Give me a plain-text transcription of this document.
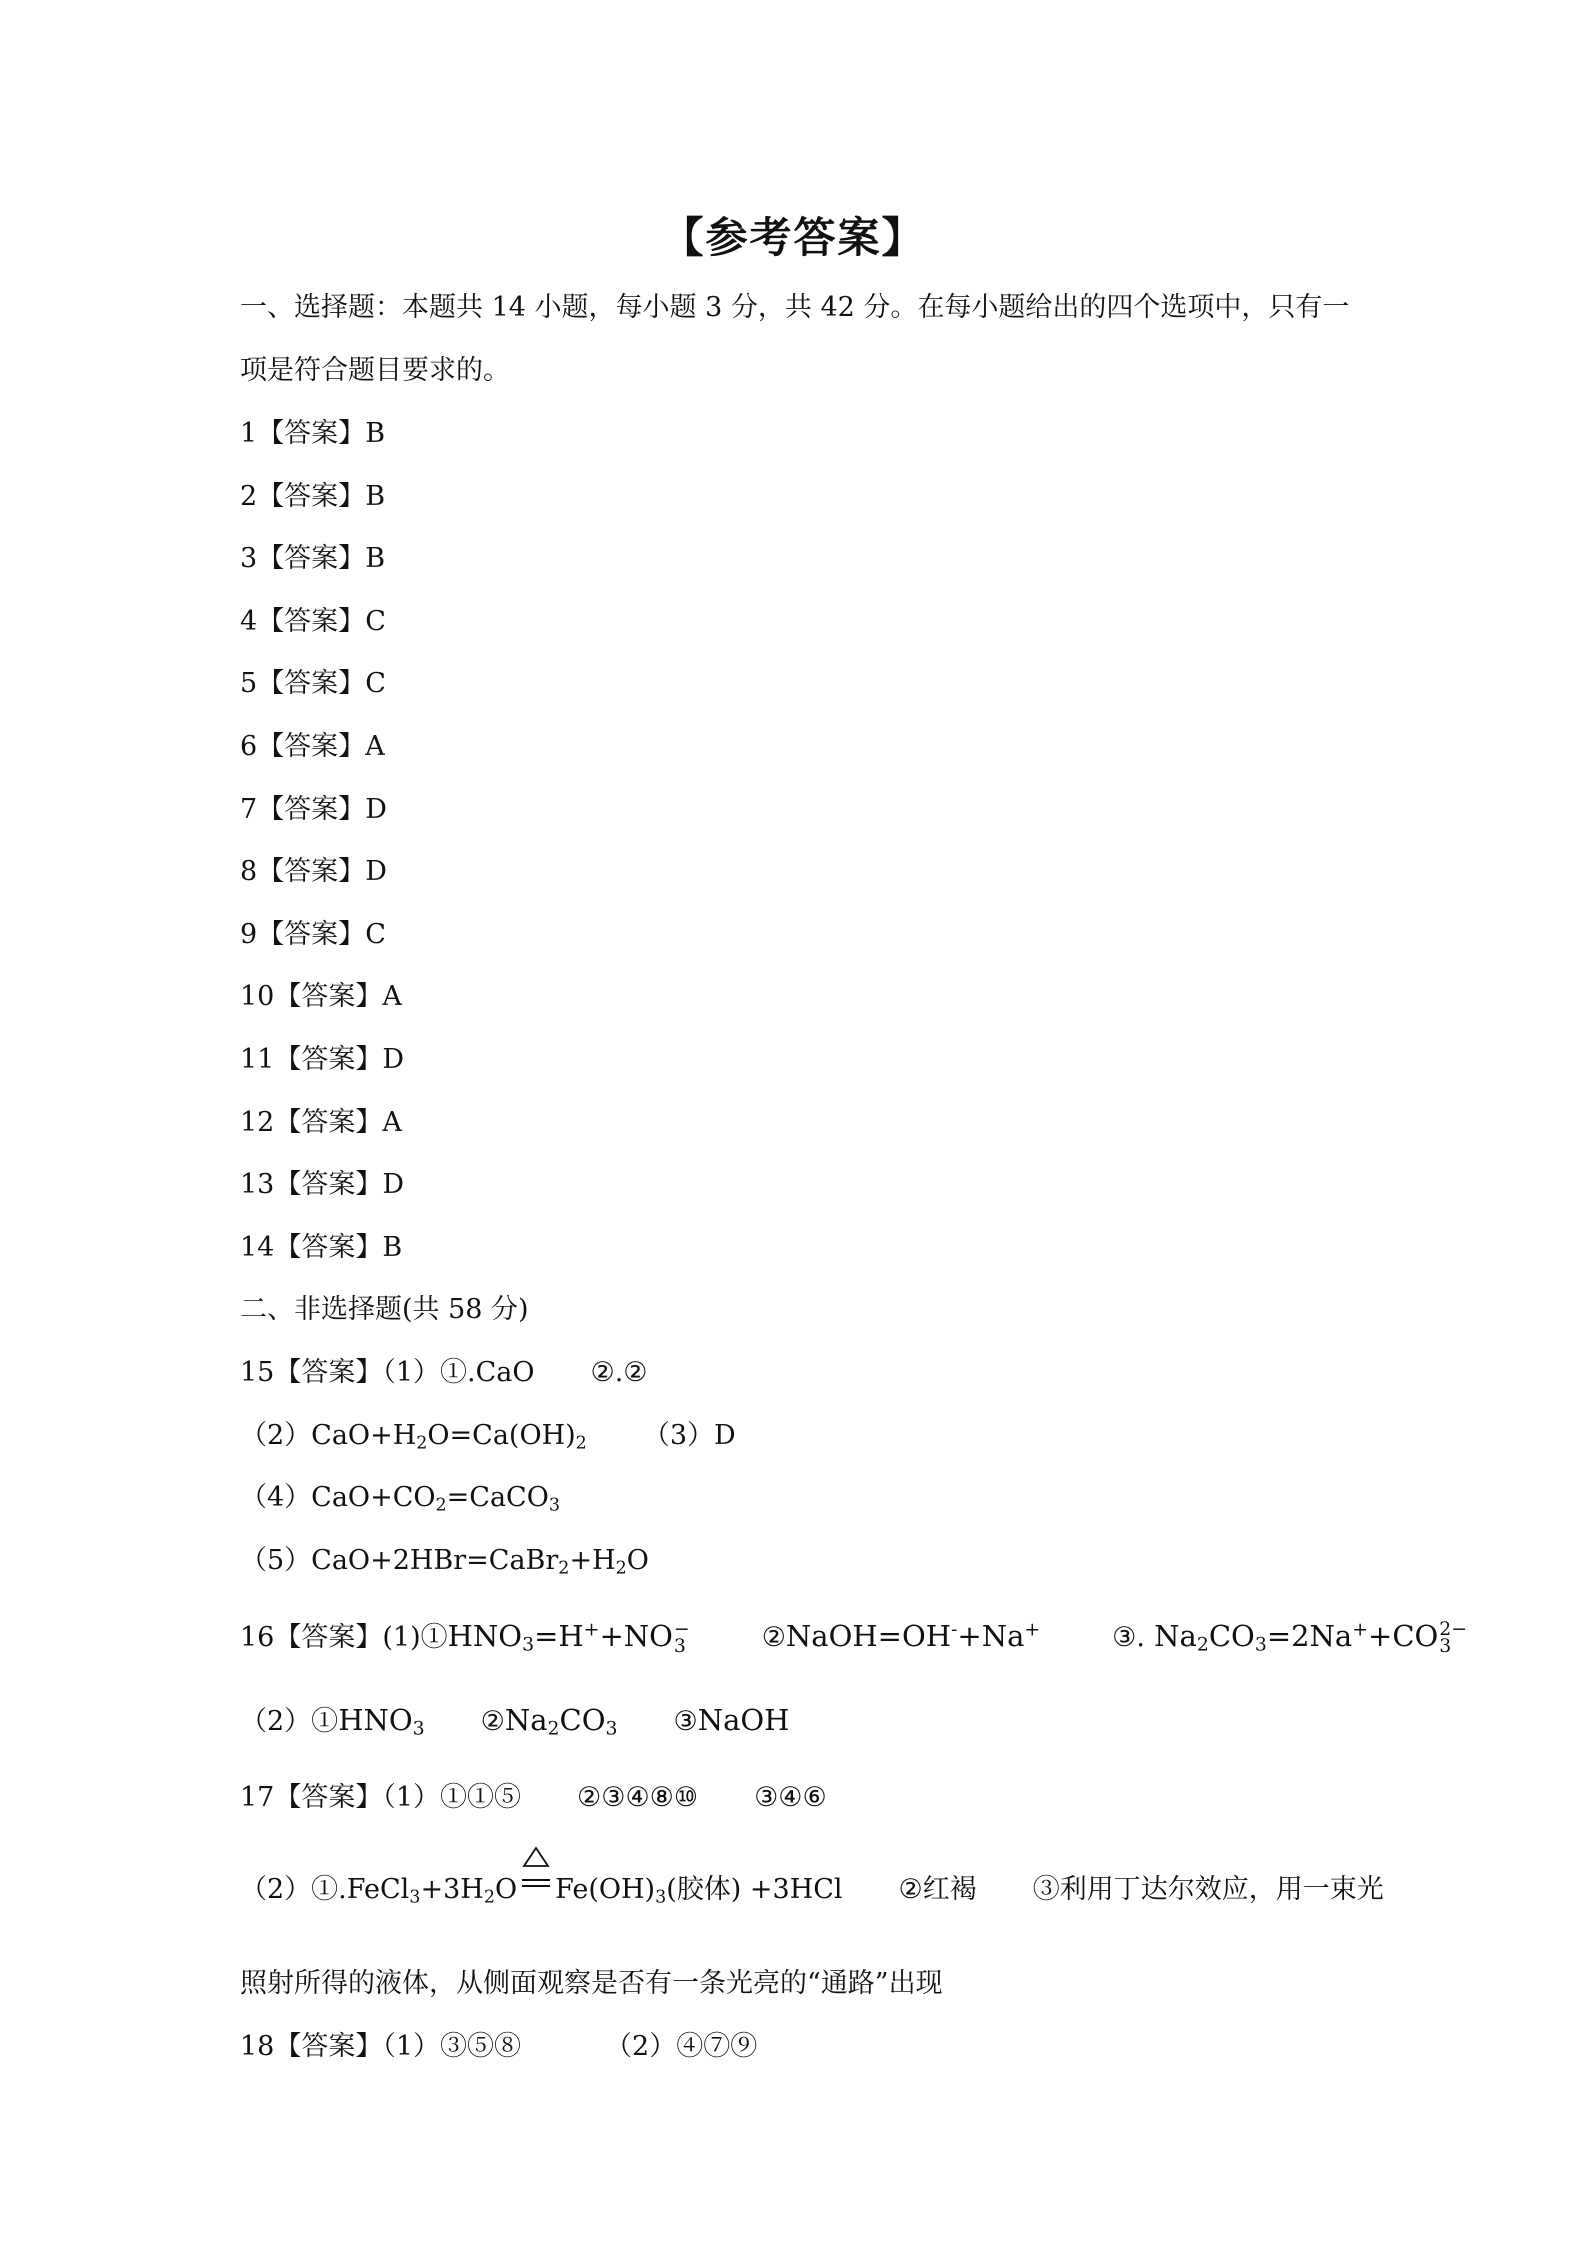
【参考答案】
一、选择题：本题共 14 小题，每小题 3 分，共 42 分。在每小题给出的四个选项中，只有一
项是符合题目要求的。
1【答案】B
2【答案】B
3【答案】B
4【答案】C
5【答案】C
6【答案】A
7【答案】D
8【答案】D
9【答案】C
10【答案】A
11【答案】D
12【答案】A
13【答案】D
14【答案】B
二、非选择题(共 58 分)
15【答案】（1）①.CaO ②.②
$(2)CaO+H_2O=Ca(OH)_2$ （3）D
$(4)CaO+CO_2=CaCO_3$
$(5)CaO+2HBr=CaBr_2+H_2O$
16【答案】$(1)①HNO_3=H^++NO$ −
3	②NaOH=OH-+Na+	③. $Na_2CO_3=2Na^++CO$ 2−
3
$(2)①HNO_3$ $②Na_2CO_3$ ③NaOH
17【答案】（1）①①⑤ ②③④⑧⑩ ③④⑥
$(2)①.FeCl_3+3H_2O$ $Fe(OH)_3$(胶体) +3HCl ②红褐 ③利用丁达尔效应，用一束光
照射所得的液体，从侧面观察是否有一条光亮的“通路”出现
18【答案】（1）③⑤⑧	（2）④⑦⑨
